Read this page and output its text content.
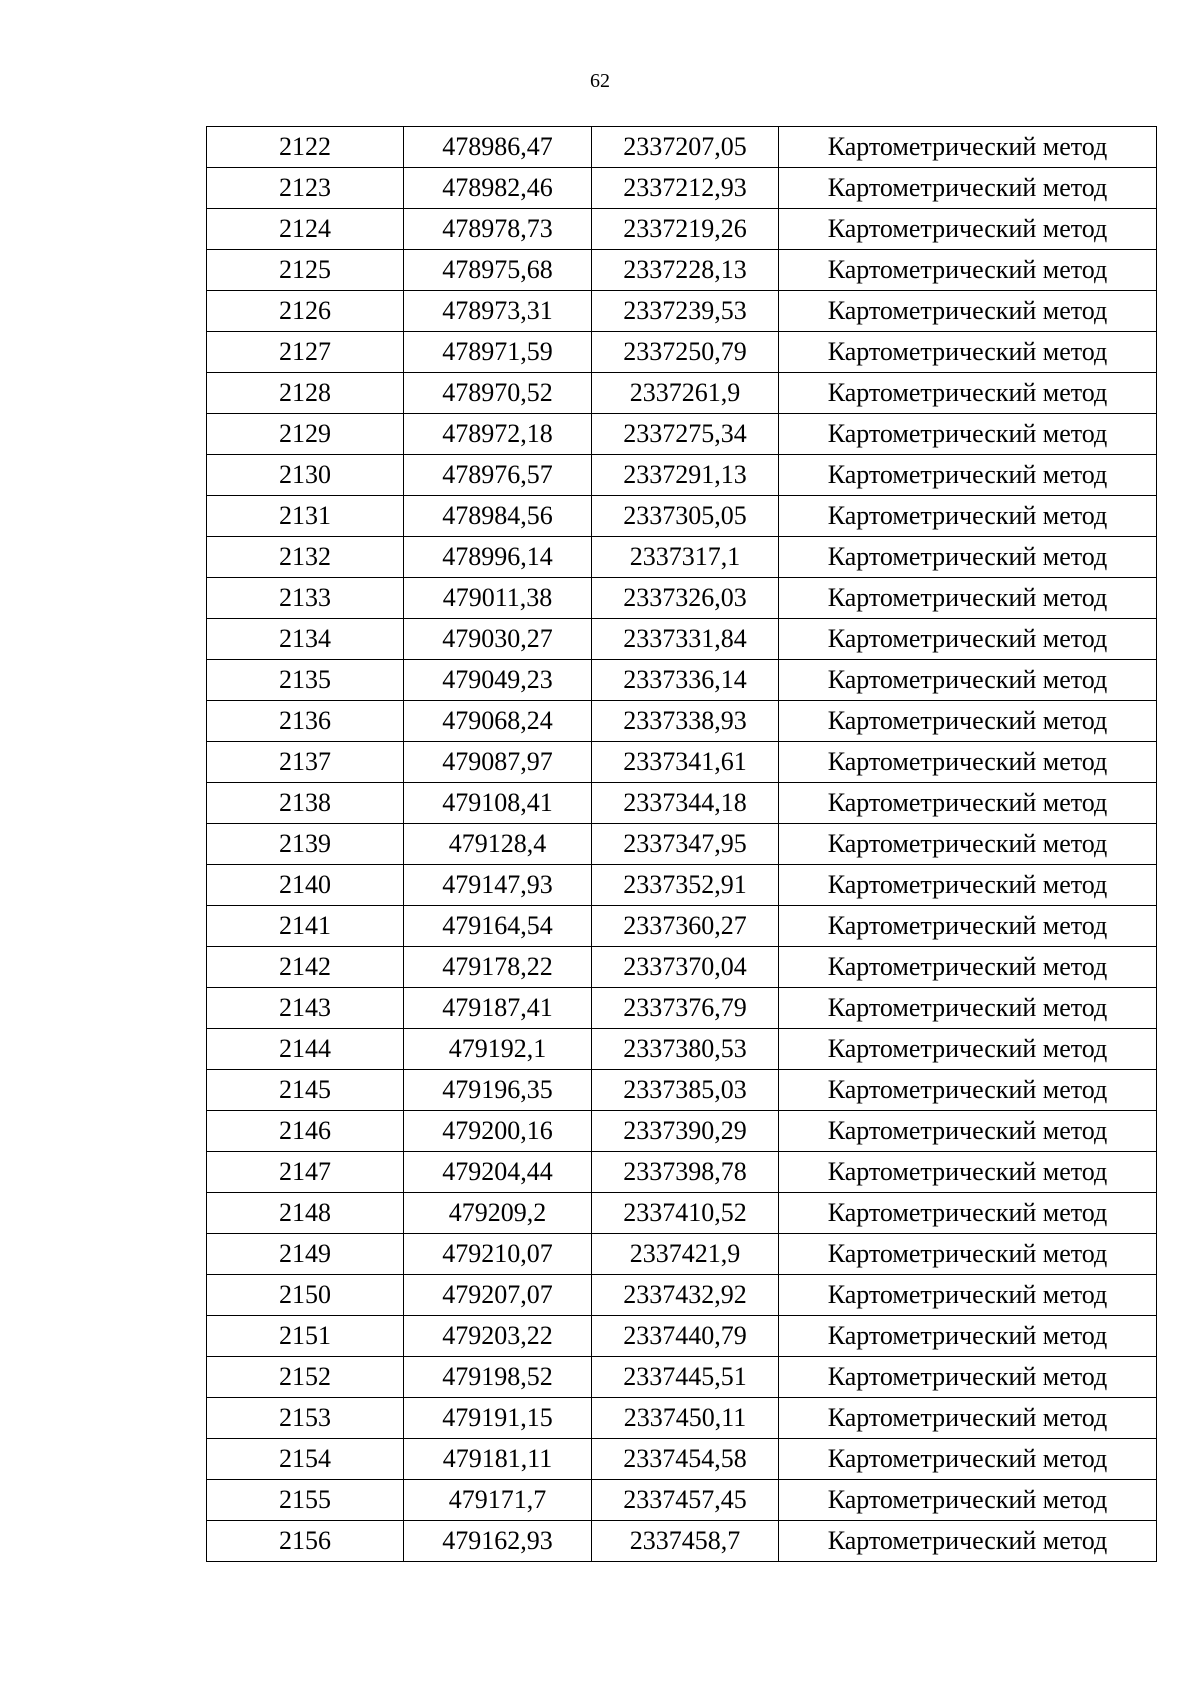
62
2122	478986,47	2337207,05	Картометрический метод
2123	478982,46	2337212,93	Картометрический метод
2124	478978,73	2337219,26	Картометрический метод
2125	478975,68	2337228,13	Картометрический метод
2126	478973,31	2337239,53	Картометрический метод
2127	478971,59	2337250,79	Картометрический метод
2128	478970,52	2337261,9	Картометрический метод
2129	478972,18	2337275,34	Картометрический метод
2130	478976,57	2337291,13	Картометрический метод
2131	478984,56	2337305,05	Картометрический метод
2132	478996,14	2337317,1	Картометрический метод
2133	479011,38	2337326,03	Картометрический метод
2134	479030,27	2337331,84	Картометрический метод
2135	479049,23	2337336,14	Картометрический метод
2136	479068,24	2337338,93	Картометрический метод
2137	479087,97	2337341,61	Картометрический метод
2138	479108,41	2337344,18	Картометрический метод
2139	479128,4	2337347,95	Картометрический метод
2140	479147,93	2337352,91	Картометрический метод
2141	479164,54	2337360,27	Картометрический метод
2142	479178,22	2337370,04	Картометрический метод
2143	479187,41	2337376,79	Картометрический метод
2144	479192,1	2337380,53	Картометрический метод
2145	479196,35	2337385,03	Картометрический метод
2146	479200,16	2337390,29	Картометрический метод
2147	479204,44	2337398,78	Картометрический метод
2148	479209,2	2337410,52	Картометрический метод
2149	479210,07	2337421,9	Картометрический метод
2150	479207,07	2337432,92	Картометрический метод
2151	479203,22	2337440,79	Картометрический метод
2152	479198,52	2337445,51	Картометрический метод
2153	479191,15	2337450,11	Картометрический метод
2154	479181,11	2337454,58	Картометрический метод
2155	479171,7	2337457,45	Картометрический метод
2156	479162,93	2337458,7	Картометрический метод
